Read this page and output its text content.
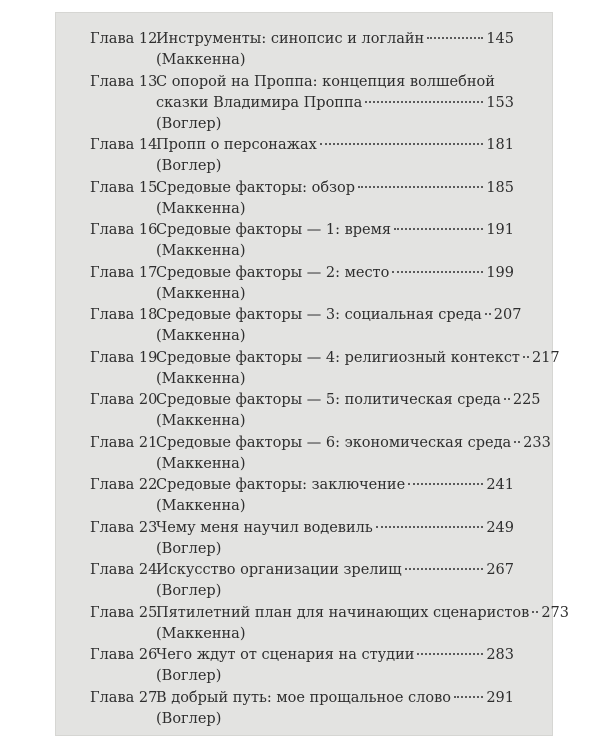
Глава 12
Инструменты: синопсис и логлайн	145
(Маккенна)
Глава 13
С опорой на Проппа: концепция волшебной
сказки Владимира Проппа	153
(Воглер)
Глава 14
Пропп о персонажах	181
(Воглер)
Глава 15
Средовые факторы: обзор	185
(Маккенна)
Глава 16
Средовые факторы — 1: время	191
(Маккенна)
Глава 17
Средовые факторы — 2: место	199
(Маккенна)
Глава 18
Средовые факторы — 3: социальная среда 207
(Маккенна)
Глава 19
Средовые факторы — 4: религиозный контекст 217
(Маккенна)
Глава 20
Средовые факторы — 5: политическая среда 225
(Маккенна)
Глава 21
Средовые факторы — 6: экономическая среда 233
(Маккенна)
Глава 22
Средовые факторы: заключение	241
(Маккенна)
Глава 23
Чему меня научил водевиль	249
(Воглер)
Глава 24
Искусство организации зрелищ	267
(Воглер)
Глава 25
Пятилетний план для начинающих сценаристов 273
(Маккенна)
Глава 26
Чего ждут от сценария на студии	283
(Воглер)
Глава 27
В добрый путь: мое прощальное слово 291
(Воглер)
